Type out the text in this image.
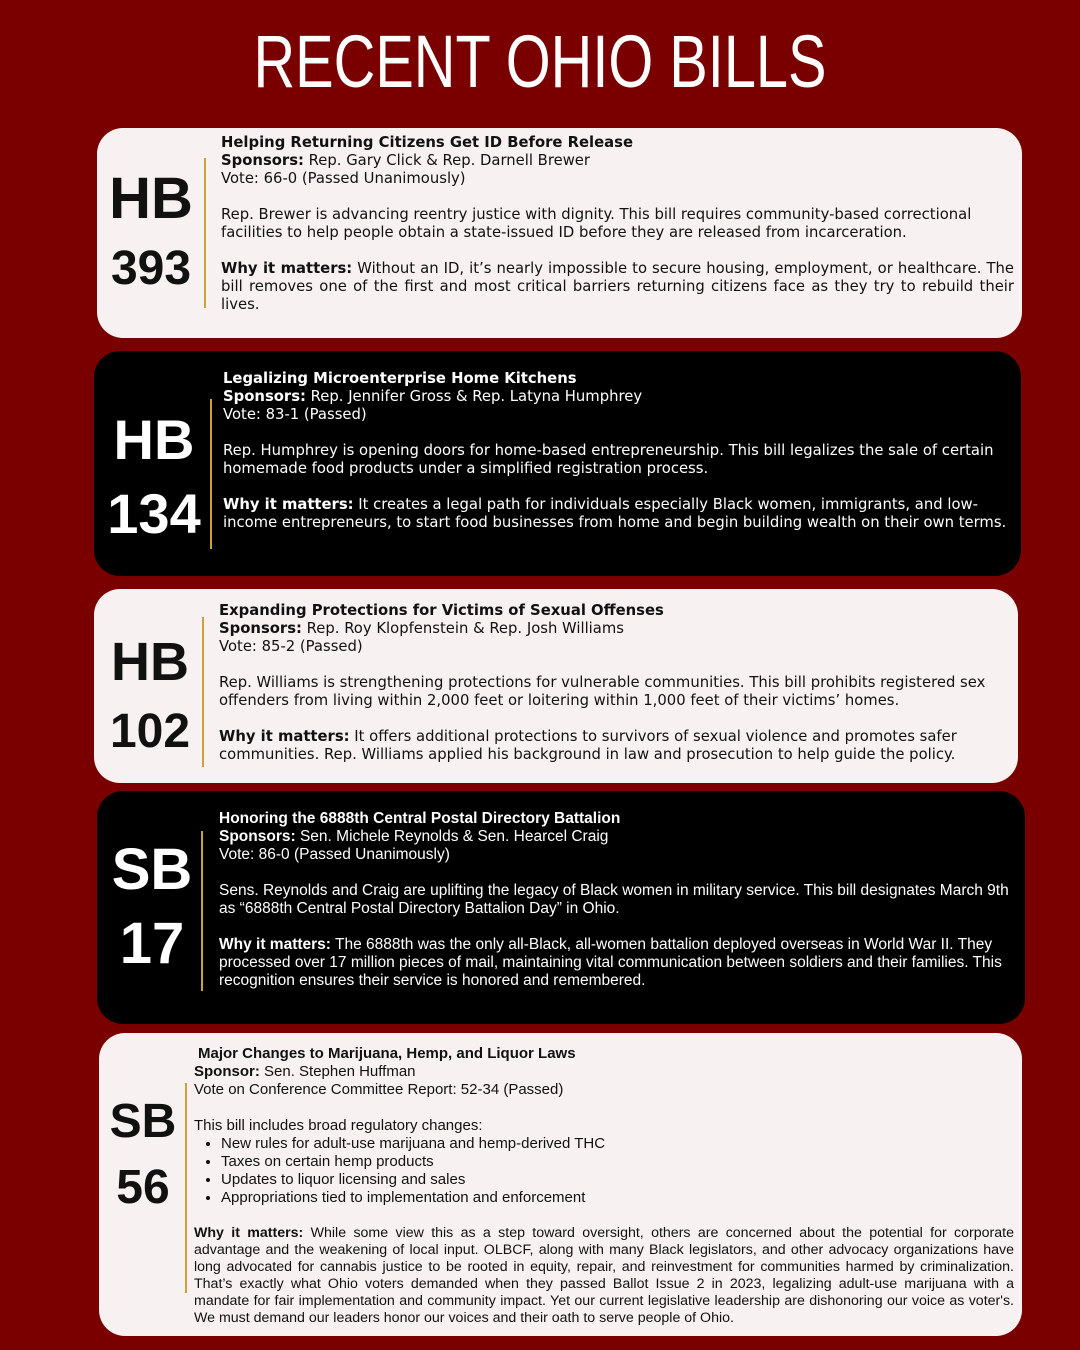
RECENT OHIO BILLS
HB
393

Helping Returning Citizens Get ID Before Release

Sponsors: Rep. Gary Click & Rep. Darnell Brewer

Vote: 66-0 (Passed Unanimously)

Rep. Brewer is advancing reentry justice with dignity. This bill requires community-based correctional facilities to help people obtain a state-issued ID before they are released from incarceration.

Why it matters: Without an ID, it’s nearly impossible to secure housing, employment, or healthcare. The bill removes one of the first and most critical barriers returning citizens face as they try to rebuild their lives.

HB
134

Legalizing Microenterprise Home Kitchens

Sponsors: Rep. Jennifer Gross & Rep. Latyna Humphrey

Vote: 83-1 (Passed)

Rep. Humphrey is opening doors for home-based entrepreneurship. This bill legalizes the sale of certain homemade food products under a simplified registration process.

Why it matters: It creates a legal path for individuals especially Black women, immigrants, and low-income entrepreneurs, to start food businesses from home and begin building wealth on their own terms.

HB
102

Expanding Protections for Victims of Sexual Offenses

Sponsors: Rep. Roy Klopfenstein & Rep. Josh Williams

Vote: 85-2 (Passed)

Rep. Williams is strengthening protections for vulnerable communities. This bill prohibits registered sex offenders from living within 2,000 feet or loitering within 1,000 feet of their victims’ homes.

Why it matters: It offers additional protections to survivors of sexual violence and promotes safer communities. Rep. Williams applied his background in law and prosecution to help guide the policy.

SB
17

Honoring the 6888th Central Postal Directory Battalion

Sponsors: Sen. Michele Reynolds & Sen. Hearcel Craig

Vote: 86-0 (Passed Unanimously)

Sens. Reynolds and Craig are uplifting the legacy of Black women in military service. This bill designates March 9th as “6888th Central Postal Directory Battalion Day” in Ohio.

Why it matters: The 6888th was the only all-Black, all-women battalion deployed overseas in World War II. They processed over 17 million pieces of mail, maintaining vital communication between soldiers and their families. This recognition ensures their service is honored and remembered.

SB
56

Major Changes to Marijuana, Hemp, and Liquor Laws

Sponsor: Sen. Stephen Huffman

Vote on Conference Committee Report: 52-34 (Passed)

This bill includes broad regulatory changes:

• New rules for adult-use marijuana and hemp-derived THC
• Taxes on certain hemp products
• Updates to liquor licensing and sales
• Appropriations tied to implementation and enforcement

Why it matters: While some view this as a step toward oversight, others are concerned about the potential for corporate advantage and the weakening of local input. OLBCF, along with many Black legislators, and other advocacy organizations have long advocated for cannabis justice to be rooted in equity, repair, and reinvestment for communities harmed by criminalization. That’s exactly what Ohio voters demanded when they passed Ballot Issue 2 in 2023, legalizing adult-use marijuana with a mandate for fair implementation and community impact. Yet our current legislative leadership are dishonoring our voice as voter's. We must demand our leaders honor our voices and their oath to serve people of Ohio.
